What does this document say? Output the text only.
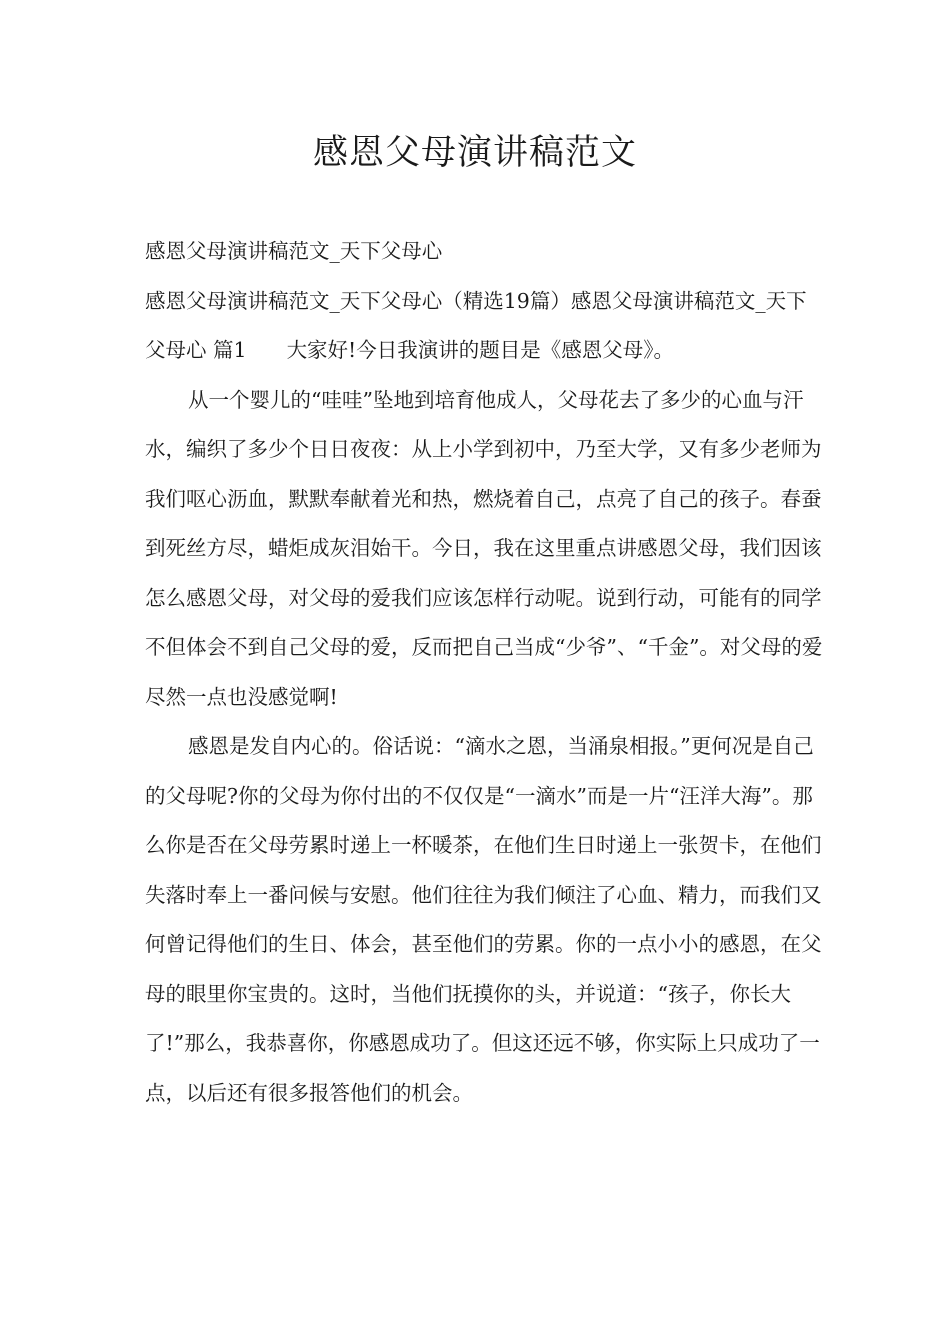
感恩父母演讲稿范文

感恩父母演讲稿范文_天下父母心

感恩父母演讲稿范文_天下父母心（精选19篇）感恩父母演讲稿范文_天下父母心 篇1 大家好!今日我演讲的题目是《感恩父母》。

从一个婴儿的“哇哇”坠地到培育他成人，父母花去了多少的心血与汗水，编织了多少个日日夜夜：从上小学到初中，乃至大学，又有多少老师为我们呕心沥血，默默奉献着光和热，燃烧着自己，点亮了自己的孩子。春蚕到死丝方尽，蜡炬成灰泪始干。今日，我在这里重点讲感恩父母，我们因该怎么感恩父母，对父母的爱我们应该怎样行动呢。说到行动，可能有的同学不但体会不到自己父母的爱，反而把自己当成“少爷”、“千金”。对父母的爱尽然一点也没感觉啊!

感恩是发自内心的。俗话说：“滴水之恩，当涌泉相报。”更何况是自己的父母呢?你的父母为你付出的不仅仅是“一滴水”而是一片“汪洋大海”。那么你是否在父母劳累时递上一杯暖茶，在他们生日时递上一张贺卡，在他们失落时奉上一番问候与安慰。他们往往为我们倾注了心血、精力，而我们又何曾记得他们的生日、体会，甚至他们的劳累。你的一点小小的感恩，在父母的眼里你宝贵的。这时，当他们抚摸你的头，并说道：“孩子，你长大了!”那么，我恭喜你，你感恩成功了。但这还远不够，你实际上只成功了一点，以后还有很多报答他们的机会。
